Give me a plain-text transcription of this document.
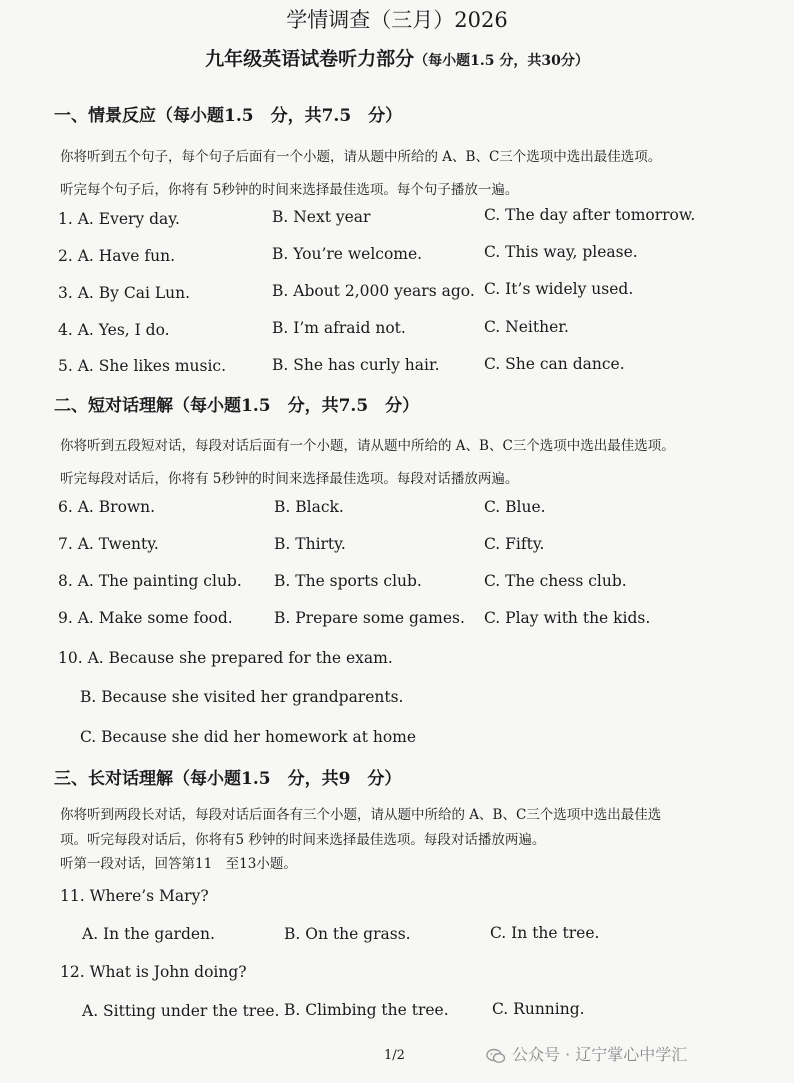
学情调查（三月）2026
九年级英语试卷听力部分（每小题1.5 分，共30分）
一、情景反应（每小题1.5　分，共7.5　分）
你将听到五个句子，每个句子后面有一个小题，请从题中所给的 A、B、C三个选项中选出最佳选项。
听完每个句子后，你将有 5秒钟的时间来选择最佳选项。每个句子播放一遍。
1. A. Every day.	B. Next year	C. The day after tomorrow.
2. A. Have fun.	B. You’re welcome.	C. This way, please.
3. A. By Cai Lun.	B. About 2,000 years ago. C. It’s widely used.
4. A. Yes, I do.	B. I’m afraid not.	C. Neither.
5. A. She likes music.	B. She has curly hair.	C. She can dance.
二、短对话理解（每小题1.5　分，共7.5　分）
你将听到五段短对话，每段对话后面有一个小题，请从题中所给的 A、B、C三个选项中选出最佳选项。
听完每段对话后，你将有 5秒钟的时间来选择最佳选项。每段对话播放两遍。
6. A. Brown.	B. Black.	C. Blue.
7. A. Twenty.	B. Thirty.	C. Fifty.
8. A. The painting club. B. The sports club.	C. The chess club.
9. A. Make some food.	B. Prepare some games. C. Play with the kids.
10. A. Because she prepared for the exam.
B. Because she visited her grandparents.
C. Because she did her homework at home
三、长对话理解（每小题1.5　分，共9　分）
你将听到两段长对话，每段对话后面各有三个小题，请从题中所给的 A、B、C三个选项中选出最佳选
项。听完每段对话后，你将有5 秒钟的时间来选择最佳选项。每段对话播放两遍。
听第一段对话，回答第11　至13小题。
11. Where’s Mary?
A. In the garden.	B. On the grass.	C. In the tree.
12. What is John doing?
A. Sitting under the tree. B. Climbing the tree.	C. Running.
1/2	公众号 · 辽宁掌心中学汇
